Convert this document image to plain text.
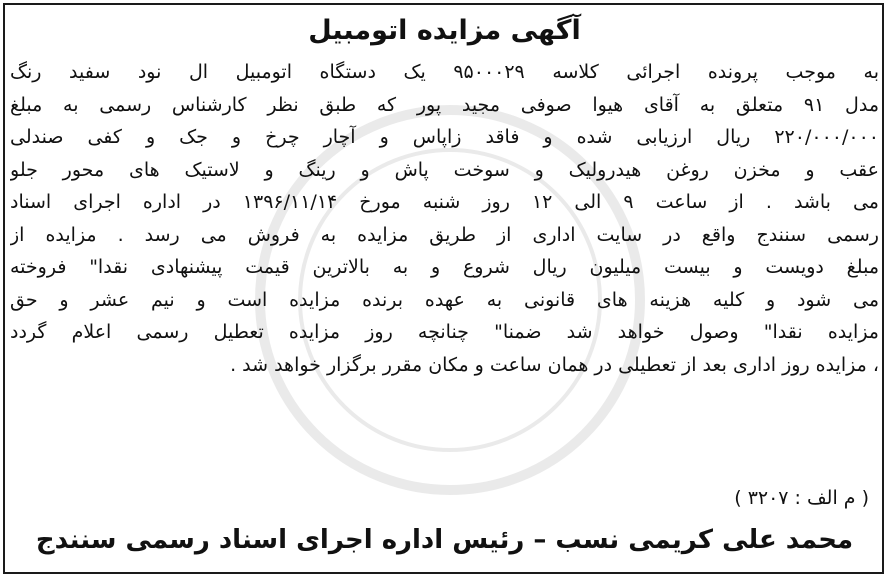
آگهی مزایده اتومبیل
به موجب پرونده اجرائی کلاسه ۹۵۰۰۰۲۹ یک دستگاه اتومبیل ال نود سفید رنگ
مدل ۹۱ متعلق به آقای هیوا صوفی مجید پور که طبق نظر کارشناس رسمی به مبلغ
۲۲۰/۰۰۰/۰۰۰ ریال ارزیابی شده و فاقد زاپاس و آچار چرخ و جک و کفی صندلی
عقب و مخزن روغن هیدرولیک و سوخت پاش و رینگ و لاستیک های محور جلو
می باشد . از ساعت ۹ الی ۱۲ روز شنبه مورخ ۱۳۹۶/۱۱/۱۴ در اداره اجرای اسناد
رسمی سنندج واقع در سایت اداری از طریق مزایده به فروش می رسد . مزایده از
مبلغ دویست و بیست میلیون ریال شروع و به بالاترین قیمت پیشنهادی نقدا" فروخته
می شود و کلیه هزینه های قانونی به عهده برنده مزایده است و نیم عشر و حق
مزایده نقدا" وصول خواهد شد ضمنا" چنانچه روز مزایده تعطیل رسمی اعلام گردد
، مزایده روز اداری بعد از تعطیلی در همان ساعت و مکان مقرر برگزار خواهد شد .
( م الف : ۳۲۰۷ )
محمد علی کریمی نسب – رئیس اداره اجرای اسناد رسمی سنندج
